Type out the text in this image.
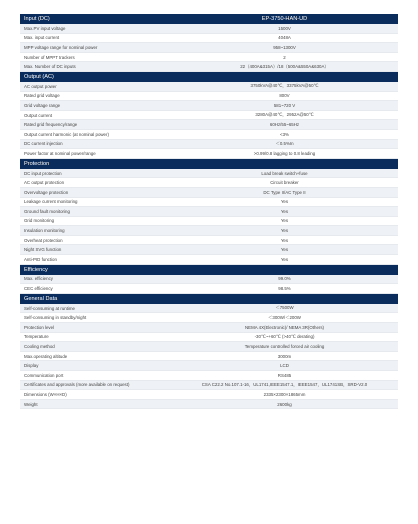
Input (DC)	EP-3750-HAN-UD
Max.PV input voltage	1500V
Max. input current	4048A
MPP voltage range for nominal power	958~1300V
Number of MPPT trackers	2
Max. Number of DC inputs	22（400A&315A）/18（500A&550A&630A）
Output (AC)
AC output power	3750kVA@40℃，3375kVA@50℃
Rated grid voltage	800V
Grid voltage range	581~720 V
Output current	3280A@40℃，2952A@50℃
Rated grid frequency/range	60Hz/55~65Hz
Output current harmonic (at nominal power)	<3%
DC current injection	＜0.5%In
Power factor at nominal power/range	>0.99/0.8 lagging to 0.8 leading
Protection
DC input protection	Load break switch+fuse
AC output protection	Circuit breaker
Overvoltage protection	DC Type II/AC Type II
Leakage current monitoring	Yes
Ground fault monitoring	Yes
Grid monitoring	Yes
Insulation monitoring	Yes
Overheat protection	Yes
Night SVG function	Yes
Anti-PID function	Yes
Efficiency
Max. efficiency	99.0%
CEC efficiency	98.5%
General Data
Self-consuming at runtime	＜7500W
Self-consuming in standby/night	＜300W/＜200W
Protection level	NEMA 4X(Electronic)/ NEMA 3R(Others)
Temperature	-30℃~+60℃ (>40℃ derating)
Cooling method	Temperature controlled forced air cooling
Max.operating altitude	3000m
Display	LCD
Communication port	RS485
Certificates and approvals (more available on request)	CSA C22.2 No.107.1-16，UL1741,IEEE1547.1，IEEE1547，UL1741SB，SRD-V2.0
Dimensions (W×H×D)	2335×2300×1865mm
Weight	2600kg
